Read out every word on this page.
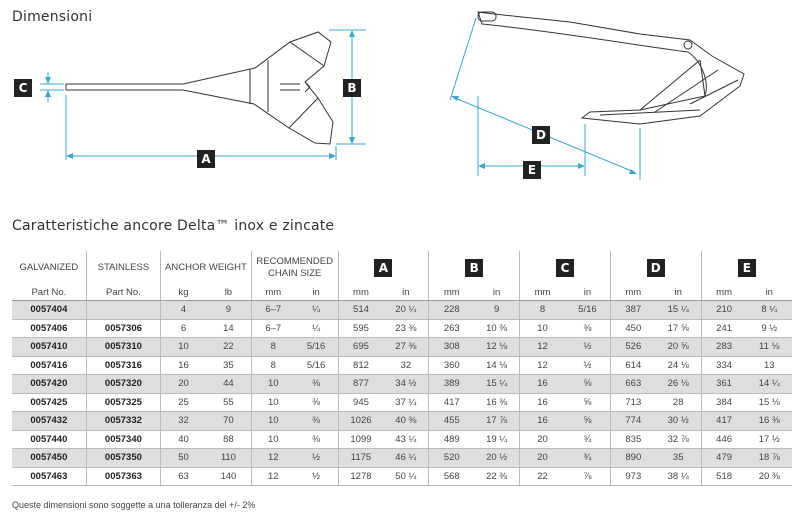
Dimensioni
A
B
C
D
E
Caratteristiche ancore Delta™ inox e zincate
GALVANIZED	STAINLESS	ANCHOR WEIGHT		RECOMMENDED CHAIN SIZE		A		B		C		D		E	
Part No.	Part No.	kg	lb	mm	in	mm	in	mm	in	mm	in	mm	in	mm	in
0057404		4	9	6–7	¼	514	20 ¼	228	9	8	5/16	387	15 ¼	210	8 ¼
0057406	0057306	6	14	6–7	¼	595	23 ⅜	263	10 ⅜	10	⅜	450	17 ⅝	241	9 ½
0057410	0057310	10	22	8	5/16	695	27 ⅜	308	12 ⅛	12	½	526	20 ⅝	283	11 ⅛
0057416	0057316	16	35	8	5/16	812	32	360	14 ⅛	12	½	614	24 ⅛	334	13
0057420	0057320	20	44	10	⅜	877	34 ½	389	15 ¼	16	⅝	663	26 ⅛	361	14 ¼
0057425	0057325	25	55	10	⅜	945	37 ¼	417	16 ⅜	16	⅝	713	28	384	15 ⅛
0057432	0057332	32	70	10	⅜	1026	40 ⅜	455	17 ⅞	16	⅝	774	30 ½	417	16 ⅜
0057440	0057340	40	88	10	⅜	1099	43 ¼	489	19 ¼	20	¾	835	32 ⅞	446	17 ½
0057450	0057350	50	110	12	½	1175	46 ¼	520	20 ½	20	¾	890	35	479	18 ⅞
0057463	0057363	63	140	12	½	1278	50 ¼	568	22 ⅜	22	⅞	973	38 ¼	518	20 ⅜
Queste dimensioni sono soggette a una tolleranza del +/- 2%
